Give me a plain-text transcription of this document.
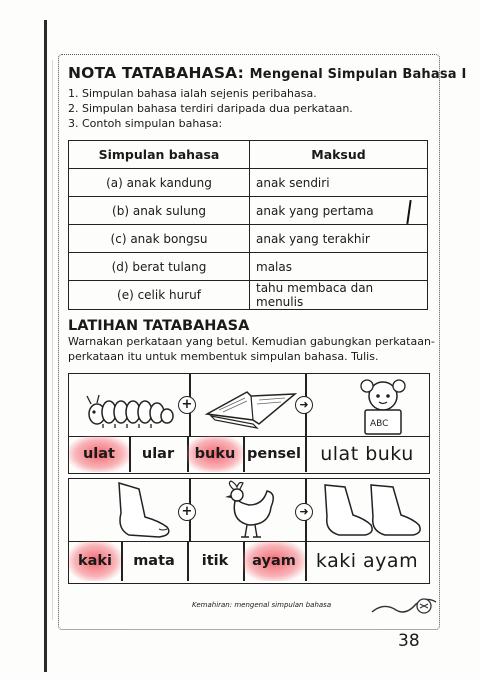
NOTA TATABAHASA: Mengenal Simpulan Bahasa I
1. Simpulan bahasa ialah sejenis peribahasa.
2. Simpulan bahasa terdiri daripada dua perkataan.
3. Contoh simpulan bahasa:
Simpulan bahasa	Maksud
(a) anak kandung	anak sendiri
(b) anak sulung	anak yang pertama
(c) anak bongsu	anak yang terakhir
(d) berat tulang	malas
(e) celik huruf	tahu membaca dan menulis
LATIHAN TATABAHASA
Warnakan perkataan yang betul. Kemudian gabungkan perkataan-
perkataan itu untuk membentuk simpulan bahasa. Tulis.
ABC
+	➜
ulat	ular	buku pensel	ulat buku
+	➜
kaki	mata	itik	ayam	kaki ayam
Kemahiran: mengenal simpulan bahasa
38
